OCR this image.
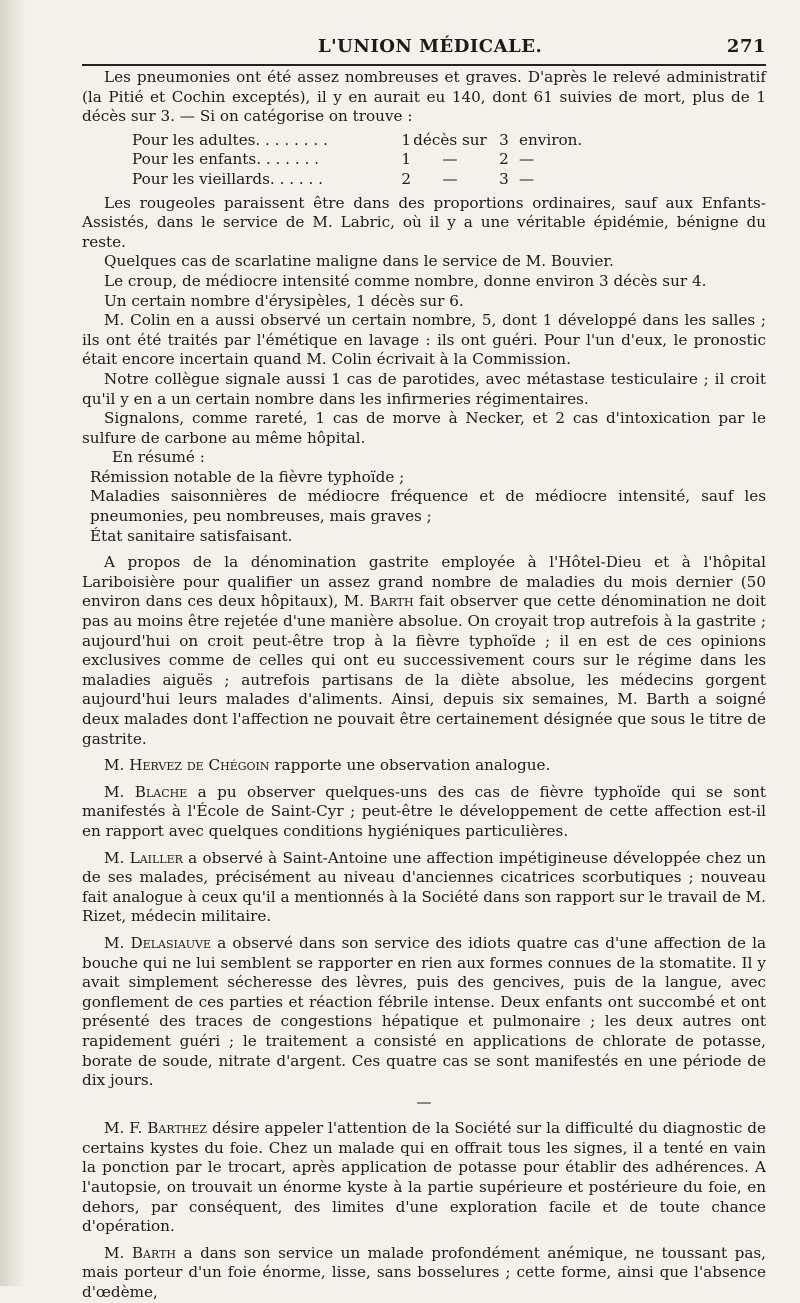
L'UNION MÉDICALE.	271

Les pneumonies ont été assez nombreuses et graves. D'après le relevé administratif (la Pitié et Cochin exceptés), il y en aurait eu 140, dont 61 suivies de mort, plus de 1 décès sur 3. — Si on catégorise on trouve :

Pour les adultes. . . . . . . .	1	décès sur	3	environ.
Pour les enfants. . . . . . .	1	—	2	—
Pour les vieillards. . . . . .	2	—	3	—

Les rougeoles paraissent être dans des proportions ordinaires, sauf aux Enfants-Assistés, dans le service de M. Labric, où il y a une véritable épidémie, bénigne du reste.

Quelques cas de scarlatine maligne dans le service de M. Bouvier.

Le croup, de médiocre intensité comme nombre, donne environ 3 décès sur 4.

Un certain nombre d'érysipèles, 1 décès sur 6.

M. Colin en a aussi observé un certain nombre, 5, dont 1 développé dans les salles ; ils ont été traités par l'émétique en lavage : ils ont guéri. Pour l'un d'eux, le pronostic était encore incertain quand M. Colin écrivait à la Commission.

Notre collègue signale aussi 1 cas de parotides, avec métastase testiculaire ; il croit qu'il y en a un certain nombre dans les infirmeries régimentaires.

Signalons, comme rareté, 1 cas de morve à Necker, et 2 cas d'intoxication par le sulfure de carbone au même hôpital.

En résumé :

Rémission notable de la fièvre typhoïde ;

Maladies saisonnières de médiocre fréquence et de médiocre intensité, sauf les pneumonies, peu nombreuses, mais graves ;

État sanitaire satisfaisant.

A propos de la dénomination gastrite employée à l'Hôtel-Dieu et à l'hôpital Lariboisière pour qualifier un assez grand nombre de maladies du mois dernier (50 environ dans ces deux hôpitaux), M. Barth fait observer que cette dénomination ne doit pas au moins être rejetée d'une manière absolue. On croyait trop autrefois à la gastrite ; aujourd'hui on croit peut-être trop à la fièvre typhoïde ; il en est de ces opinions exclusives comme de celles qui ont eu successivement cours sur le régime dans les maladies aiguës ; autrefois partisans de la diète absolue, les médecins gorgent aujourd'hui leurs malades d'aliments. Ainsi, depuis six semaines, M. Barth a soigné deux malades dont l'affection ne pouvait être certainement désignée que sous le titre de gastrite.

M. Hervez de Chégoin rapporte une observation analogue.

M. Blache a pu observer quelques-uns des cas de fièvre typhoïde qui se sont manifestés à l'École de Saint-Cyr ; peut-être le développement de cette affection est-il en rapport avec quelques conditions hygiéniques particulières.

M. Lailler a observé à Saint-Antoine une affection impétigineuse développée chez un de ses malades, précisément au niveau d'anciennes cicatrices scorbutiques ; nouveau fait analogue à ceux qu'il a mentionnés à la Société dans son rapport sur le travail de M. Rizet, médecin militaire.

M. Delasiauve a observé dans son service des idiots quatre cas d'une affection de la bouche qui ne lui semblent se rapporter en rien aux formes connues de la stomatite. Il y avait simplement sécheresse des lèvres, puis des gencives, puis de la langue, avec gonflement de ces parties et réaction fébrile intense. Deux enfants ont succombé et ont présenté des traces de congestions hépatique et pulmonaire ; les deux autres ont rapidement guéri ; le traitement a consisté en applications de chlorate de potasse, borate de soude, nitrate d'argent. Ces quatre cas se sont manifestés en une période de dix jours.

—

M. F. Barthez désire appeler l'attention de la Société sur la difficulté du diagnostic de certains kystes du foie. Chez un malade qui en offrait tous les signes, il a tenté en vain la ponction par le trocart, après application de potasse pour établir des adhérences. A l'autopsie, on trouvait un énorme kyste à la partie supérieure et postérieure du foie, en dehors, par conséquent, des limites d'une exploration facile et de toute chance d'opération.

M. Barth a dans son service un malade profondément anémique, ne toussant pas, mais porteur d'un foie énorme, lisse, sans bosselures ; cette forme, ainsi que l'absence d'œdème,
